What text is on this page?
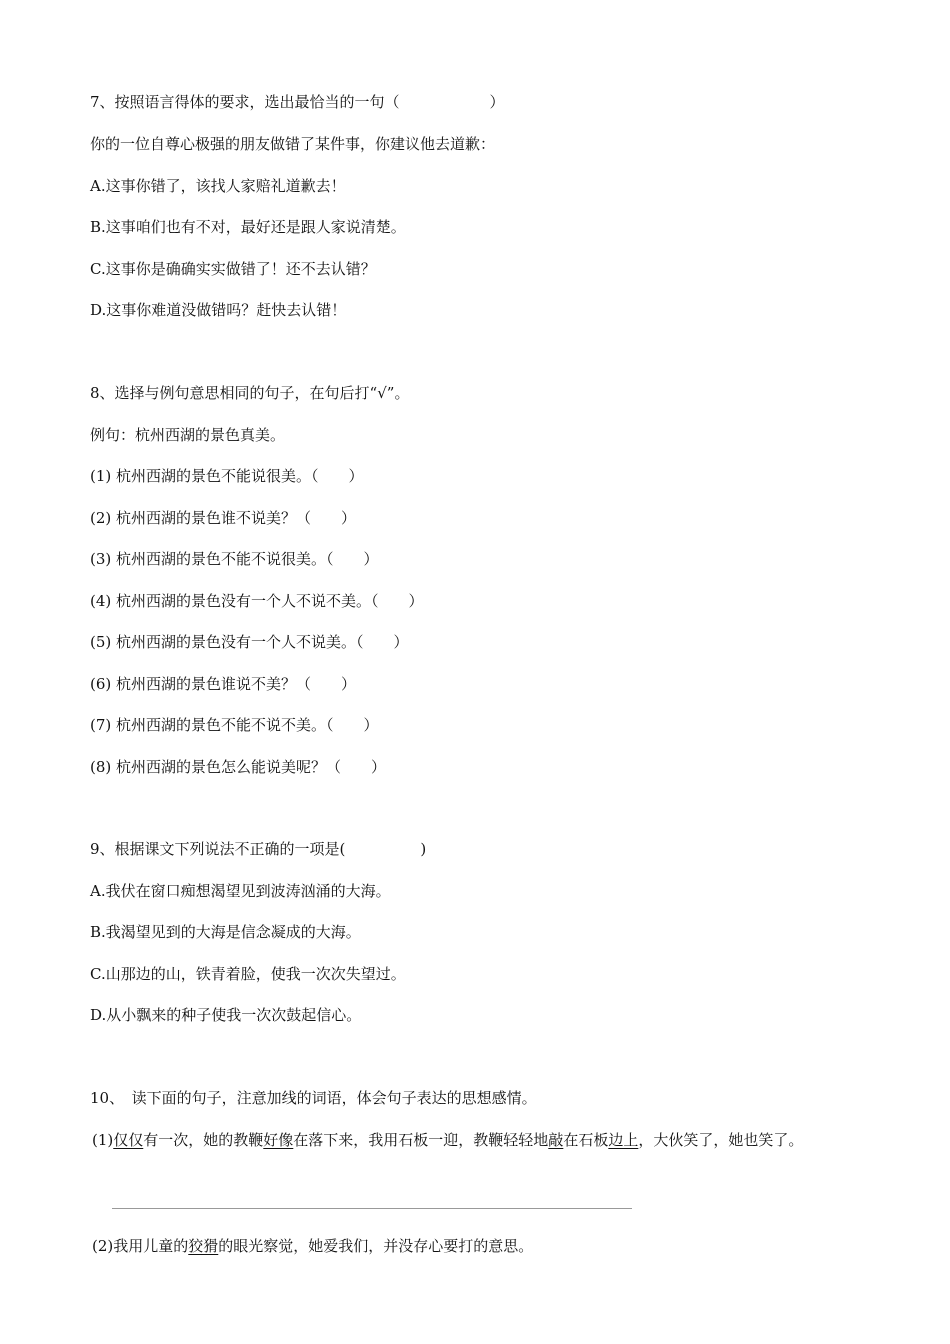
7、按照语言得体的要求，选出最恰当的一句（　　　　　　）
你的一位自尊心极强的朋友做错了某件事，你建议他去道歉：
A.这事你错了，该找人家赔礼道歉去！
B.这事咱们也有不对，最好还是跟人家说清楚。
C.这事你是确确实实做错了！还不去认错？
D.这事你难道没做错吗？赶快去认错！
8、选择与例句意思相同的句子，在句后打“√”。
例句：杭州西湖的景色真美。
(1) 杭州西湖的景色不能说很美。（　　）
(2) 杭州西湖的景色谁不说美？（　　）
(3) 杭州西湖的景色不能不说很美。（　　）
(4) 杭州西湖的景色没有一个人不说不美。（　　）
(5) 杭州西湖的景色没有一个人不说美。（　　）
(6) 杭州西湖的景色谁说不美？（　　）
(7) 杭州西湖的景色不能不说不美。（　　）
(8) 杭州西湖的景色怎么能说美呢？（　　）
9、根据课文下列说法不正确的一项是(　　　　　)
A.我伏在窗口痴想渴望见到波涛汹涌的大海。
B.我渴望见到的大海是信念凝成的大海。
C.山那边的山，铁青着脸，使我一次次失望过。
D.从小飘来的种子使我一次次鼓起信心。
10、　读下面的句子，注意加线的词语，体会句子表达的思想感情。
(1)仅仅有一次，她的教鞭好像在落下来，我用石板一迎，教鞭轻轻地敲在石板边上，大伙笑了，她也笑了。
(2)我用儿童的狡猾的眼光察觉，她爱我们，并没存心要打的意思。
